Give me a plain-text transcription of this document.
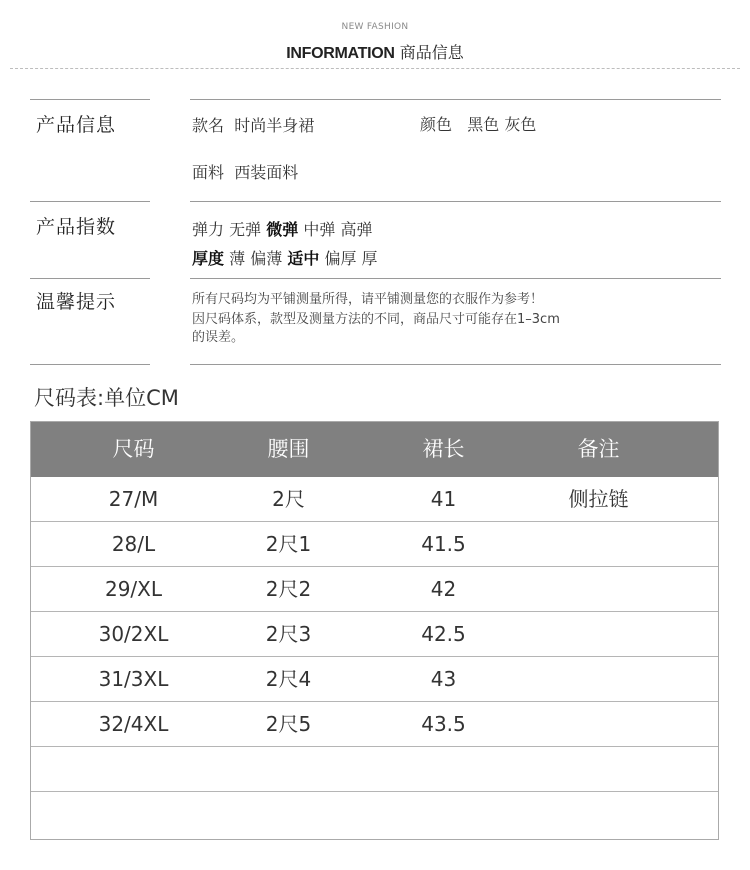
NEW FASHION
INFORMATION 商品信息
产品信息	款名 时尚半身裙	颜色 黑色 灰色
面料 西装面料
产品指数	弹力 无弹 微弹 中弹 高弹
厚度 薄 偏薄 适中 偏厚 厚
温馨提示	所有尺码均为平铺测量所得，请平铺测量您的衣服作为参考！
因尺码体系，款型及测量方法的不同，商品尺寸可能存在1–3cm
的误差。
尺码表:单位CM
尺码	腰围	裙长	备注
27/M	2尺	41	侧拉链
28/L	2尺1	41.5
29/XL	2尺2	42
30/2XL	2尺3	42.5
31/3XL	2尺4	43
32/4XL	2尺5	43.5
